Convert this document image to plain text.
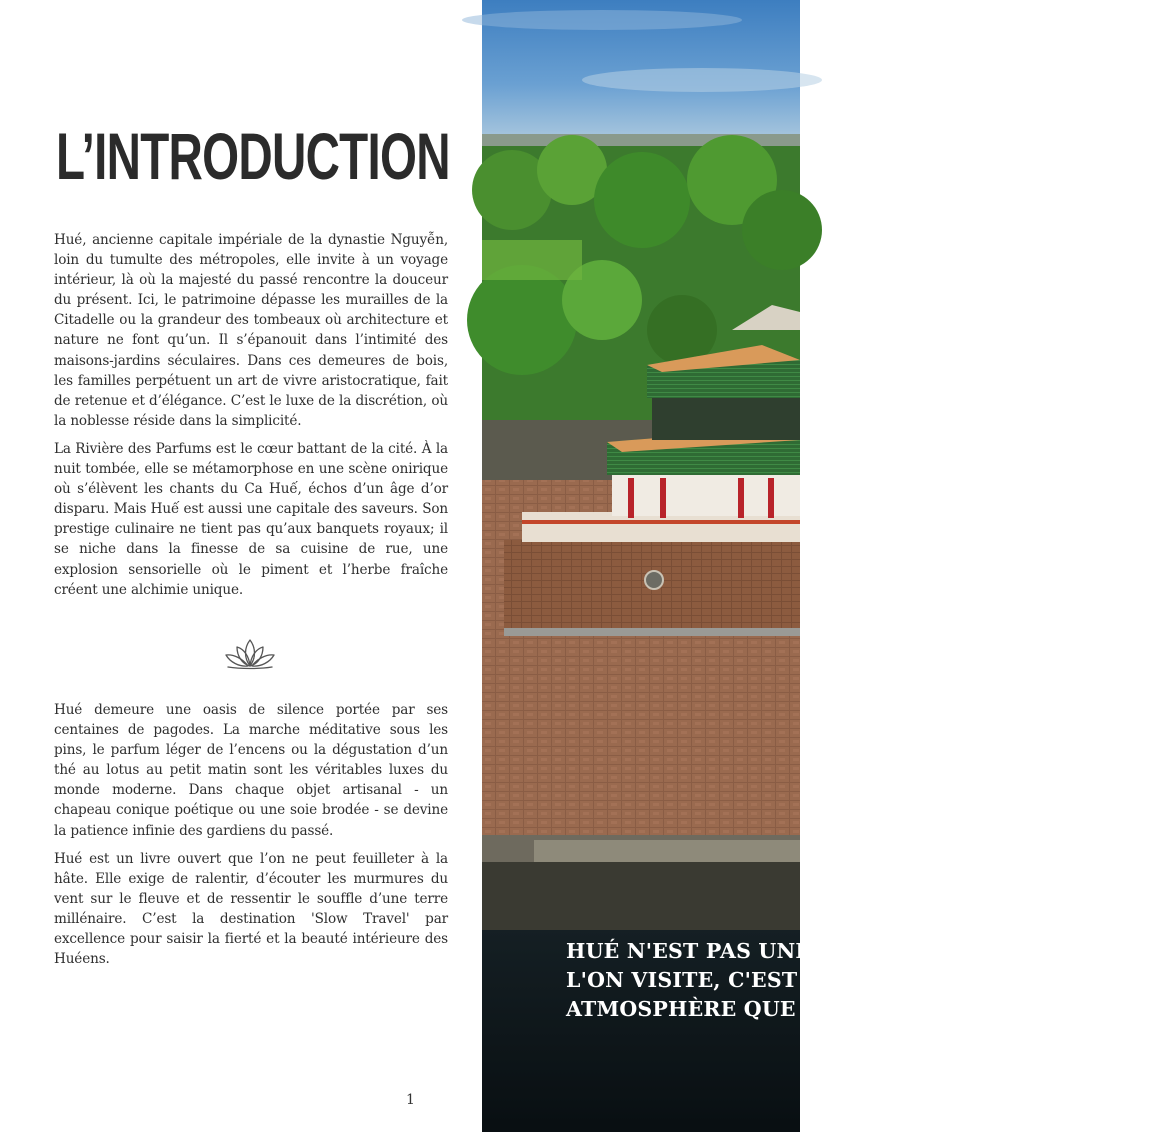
L’INTRODUCTION

Hué, ancienne capitale impériale de la dynastie Nguyễn, loin du tumulte des métropoles, elle invite à un voyage intérieur, là où la majesté du passé rencontre la douceur du présent. Ici, le patrimoine dépasse les murailles de la Citadelle ou la grandeur des tombeaux où architecture et nature ne font qu’un. Il s’épanouit dans l’intimité des maisons-jardins séculaires. Dans ces demeures de bois, les familles perpétuent un art de vivre aristocratique, fait de retenue et d’élégance. C’est le luxe de la discrétion, où la noblesse réside dans la simplicité.

La Rivière des Parfums est le cœur battant de la cité. À la nuit tombée, elle se métamorphose en une scène onirique où s’élèvent les chants du Ca Huế, échos d’un âge d’or disparu. Mais Huế est aussi une capitale des saveurs. Son prestige culinaire ne tient pas qu’aux banquets royaux; il se niche dans la finesse de sa cuisine de rue, une explosion sensorielle où le piment et l’herbe fraîche créent une alchimie unique.

Hué demeure une oasis de silence portée par ses centaines de pagodes. La marche méditative sous les pins, le parfum léger de l’encens ou la dégustation d’un thé au lotus au petit matin sont les véritables luxes du monde moderne. Dans chaque objet artisanal - un chapeau conique poétique ou une soie brodée - se devine la patience infinie des gardiens du passé.

Hué est un livre ouvert que l’on ne peut feuilleter à la hâte. Elle exige de ralentir, d’écouter les murmures du vent sur le fleuve et de ressentir le souffle d’une terre millénaire. C’est la destination 'Slow Travel' par excellence pour saisir la fierté et la beauté intérieure des Huéens.

1
HUÉ N'EST PAS UNE VILLE QUE
L'ON VISITE, C'EST UNE
ATMOSPHÈRE QUE L'ON RESPIRE
